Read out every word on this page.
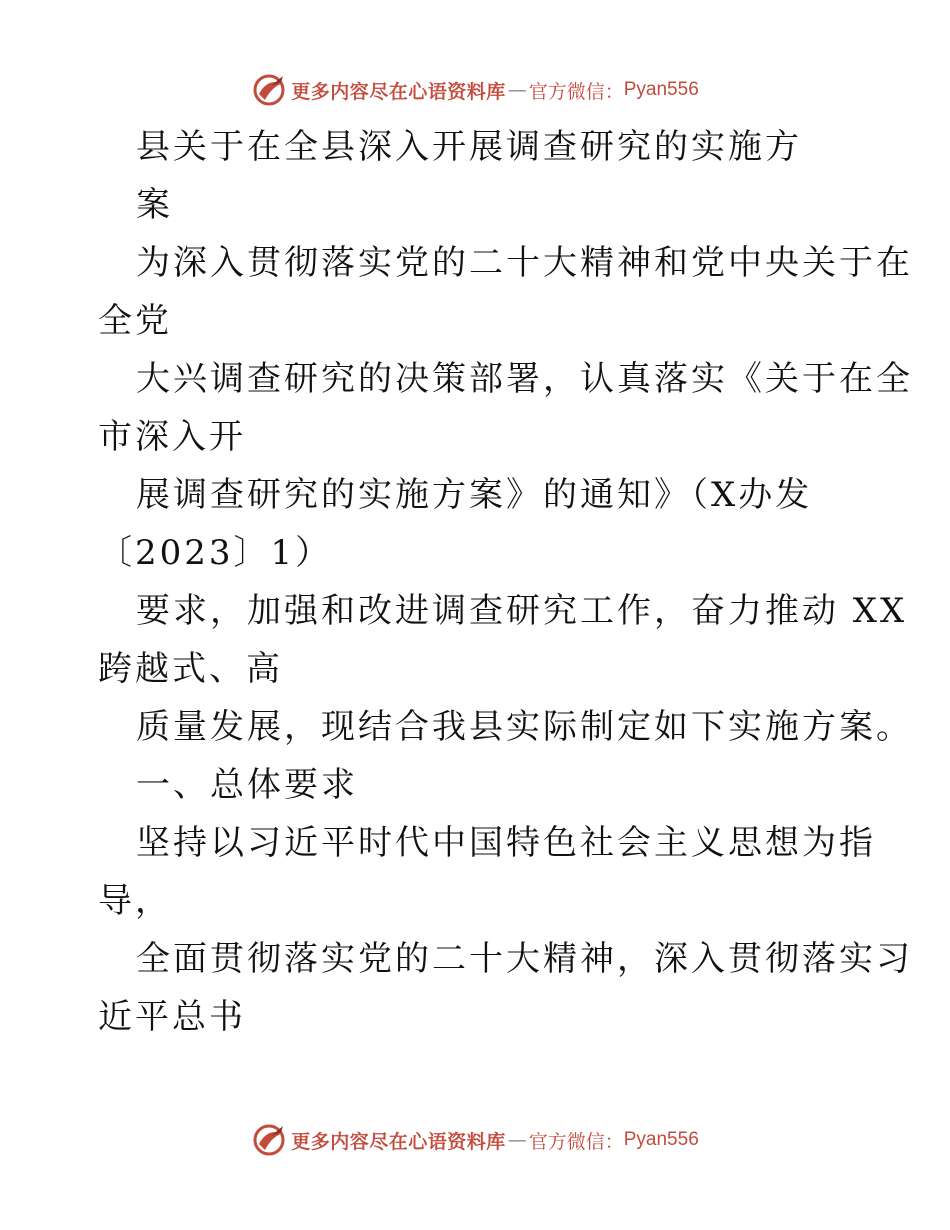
更多内容尽在心语资料库 — 官方微信： Pyan556
县关于在全县深入开展调查研究的实施方
案
为深入贯彻落实党的二十大精神和党中央关于在
全党
大兴调查研究的决策部署，认真落实《关于在全
市深入开
展调查研究的实施方案》的通知》（X办发
〔2023〕1）
要求，加强和改进调查研究工作，奋力推动 XX
跨越式、高
质量发展，现结合我县实际制定如下实施方案。
一、总体要求
坚持以习近平时代中国特色社会主义思想为指
导，
全面贯彻落实党的二十大精神，深入贯彻落实习
近平总书
更多内容尽在心语资料库 — 官方微信： Pyan556
